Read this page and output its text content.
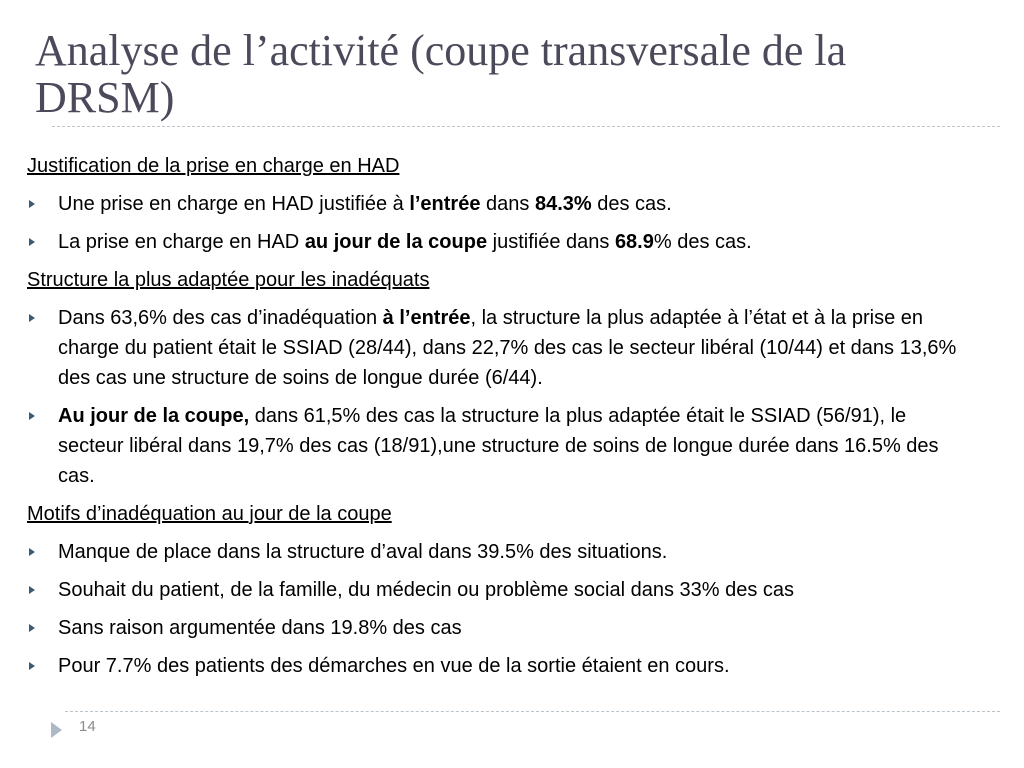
Analyse de l’activité (coupe transversale de la DRSM)
Justification de la prise en charge en HAD
Une prise en charge en HAD justifiée à l’entrée dans 84.3% des cas.
La prise en charge en HAD au jour de la coupe justifiée dans 68.9% des cas.
Structure la plus adaptée pour les inadéquats
Dans 63,6% des cas d’inadéquation à l’entrée, la structure la plus adaptée à l’état et à la prise en charge du patient était le SSIAD (28/44), dans 22,7% des cas le secteur libéral (10/44) et dans 13,6% des cas une structure de soins de longue durée (6/44).
Au jour de la coupe, dans 61,5% des cas la structure la plus adaptée était le SSIAD (56/91), le secteur libéral dans 19,7% des cas (18/91),une structure de soins de longue durée dans 16.5% des cas.
Motifs d’inadéquation au jour de la coupe
Manque de place dans la structure d’aval dans 39.5% des situations.
Souhait du patient, de la famille, du médecin ou problème social dans 33% des cas
Sans raison argumentée dans 19.8% des cas
Pour 7.7% des patients des démarches en vue de la sortie étaient en cours.
14
